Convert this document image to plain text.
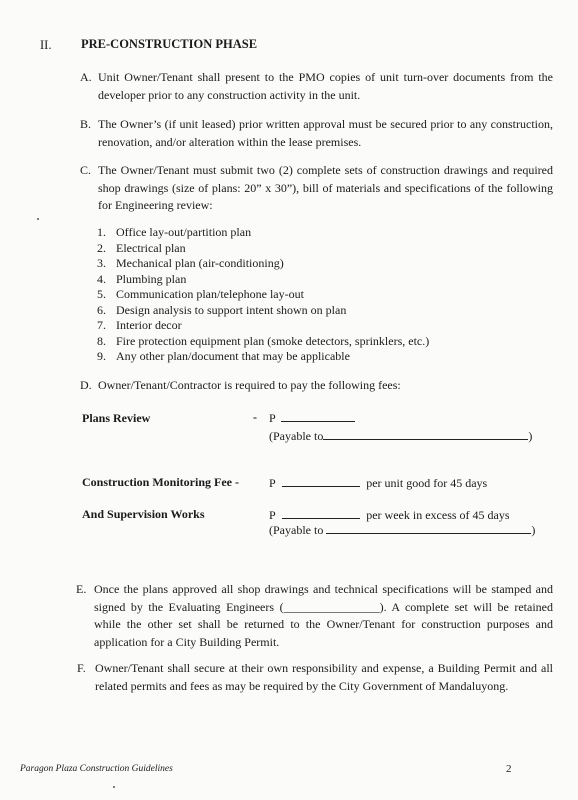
II. PRE-CONSTRUCTION PHASE
A. Unit Owner/Tenant shall present to the PMO copies of unit turn-over documents from the developer prior to any construction activity in the unit.
B. The Owner’s (if unit leased) prior written approval must be secured prior to any construction, renovation, and/or alteration within the lease premises.
C. The Owner/Tenant must submit two (2) complete sets of construction drawings and required shop drawings (size of plans: 20” x 30”), bill of materials and specifications of the following for Engineering review:
1. Office lay-out/partition plan
2. Electrical plan
3. Mechanical plan (air-conditioning)
4. Plumbing plan
5. Communication plan/telephone lay-out
6. Design analysis to support intent shown on plan
7. Interior decor
8. Fire protection equipment plan (smoke detectors, sprinklers, etc.)
9. Any other plan/document that may be applicable
D. Owner/Tenant/Contractor is required to pay the following fees:
Plans Review	- P
(Payable to	)
Construction Monitoring Fee -	P	per unit good for 45 days
And Supervision Works	P	per week in excess of 45 days
(Payable to	)
E. Once the plans approved all shop drawings and technical specifications will be stamped and signed by the Evaluating Engineers (________________). A complete set will be retained while the other set shall be returned to the Owner/Tenant for construction purposes and application for a City Building Permit.
F. Owner/Tenant shall secure at their own responsibility and expense, a Building Permit and all related permits and fees as may be required by the City Government of Mandaluyong.
Paragon Plaza Construction Guidelines	2
